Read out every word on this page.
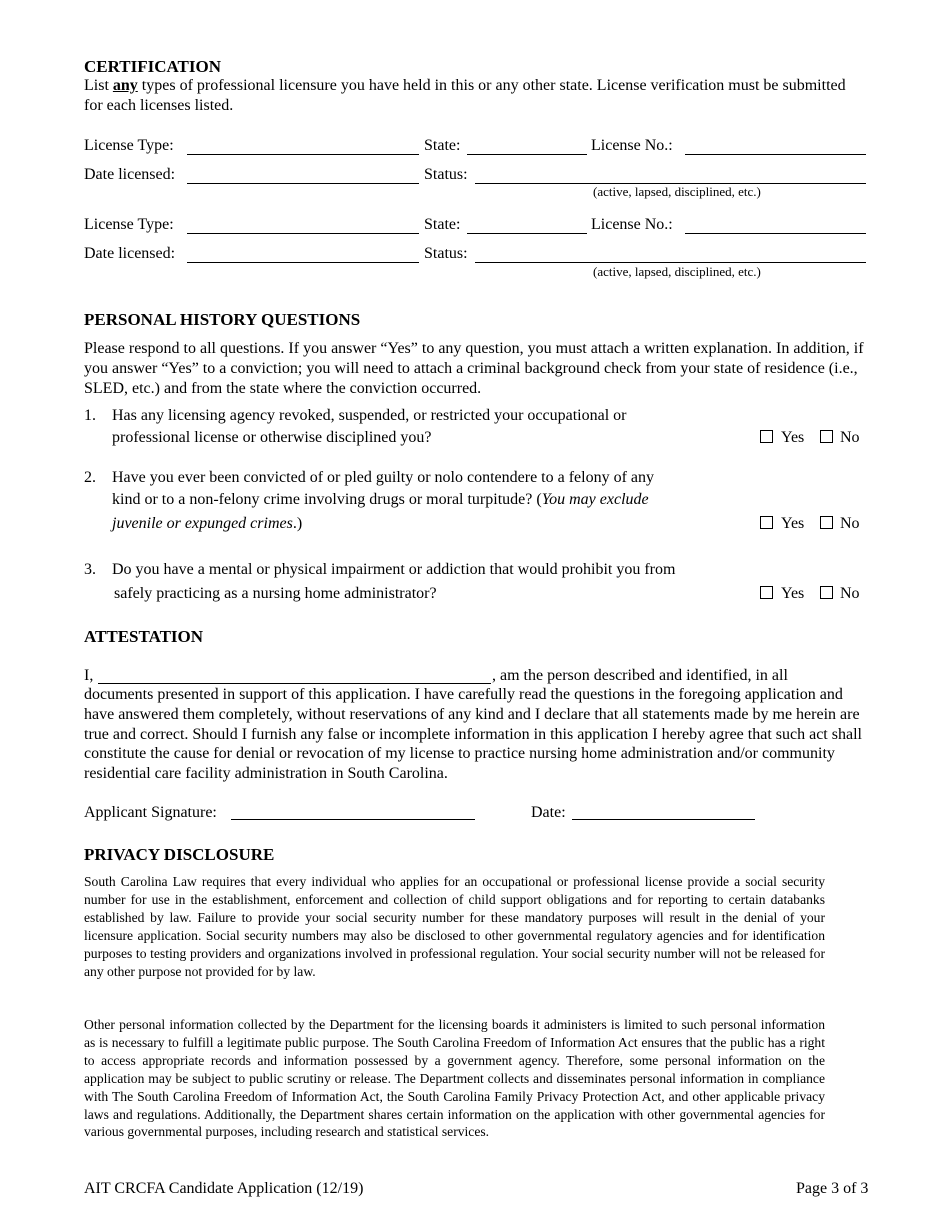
CERTIFICATION
List any types of professional licensure you have held in this or any other state. License verification must be submitted for each licenses listed.
License Type:	State:	License No.:
Date licensed:	Status:
(active, lapsed, disciplined, etc.)
License Type:	State:	License No.:
Date licensed:	Status:
(active, lapsed, disciplined, etc.)
PERSONAL HISTORY QUESTIONS
Please respond to all questions. If you answer “Yes” to any question, you must attach a written explanation. In addition, if you answer “Yes” to a conviction; you will need to attach a criminal background check from your state of residence (i.e., SLED, etc.) and from the state where the conviction occurred.
1. Has any licensing agency revoked, suspended, or restricted your occupational or
professional license or otherwise disciplined you?	Yes No
2. Have you ever been convicted of or pled guilty or nolo contendere to a felony of any
kind or to a non-felony crime involving drugs or moral turpitude? (You may exclude
juvenile or expunged crimes.)	Yes No
3. Do you have a mental or physical impairment or addiction that would prohibit you from
safely practicing as a nursing home administrator?	Yes No
ATTESTATION
I,	, am the person described and identified, in all
documents presented in support of this application. I have carefully read the questions in the foregoing application and have answered them completely, without reservations of any kind and I declare that all statements made by me herein are true and correct. Should I furnish any false or incomplete information in this application I hereby agree that such act shall constitute the cause for denial or revocation of my license to practice nursing home administration and/or community residential care facility administration in South Carolina.
Applicant Signature:	Date:
PRIVACY DISCLOSURE
South Carolina Law requires that every individual who applies for an occupational or professional license provide a social security number for use in the establishment, enforcement and collection of child support obligations and for reporting to certain databanks established by law. Failure to provide your social security number for these mandatory purposes will result in the denial of your licensure application. Social security numbers may also be disclosed to other governmental regulatory agencies and for identification purposes to testing providers and organizations involved in professional regulation. Your social security number will not be released for any other purpose not provided for by law.
Other personal information collected by the Department for the licensing boards it administers is limited to such personal information as is necessary to fulfill a legitimate public purpose. The South Carolina Freedom of Information Act ensures that the public has a right to access appropriate records and information possessed by a government agency. Therefore, some personal information on the application may be subject to public scrutiny or release. The Department collects and disseminates personal information in compliance with The South Carolina Freedom of Information Act, the South Carolina Family Privacy Protection Act, and other applicable privacy laws and regulations. Additionally, the Department shares certain information on the application with other governmental agencies for various governmental purposes, including research and statistical services.
AIT CRCFA Candidate Application (12/19)	Page 3 of 3
